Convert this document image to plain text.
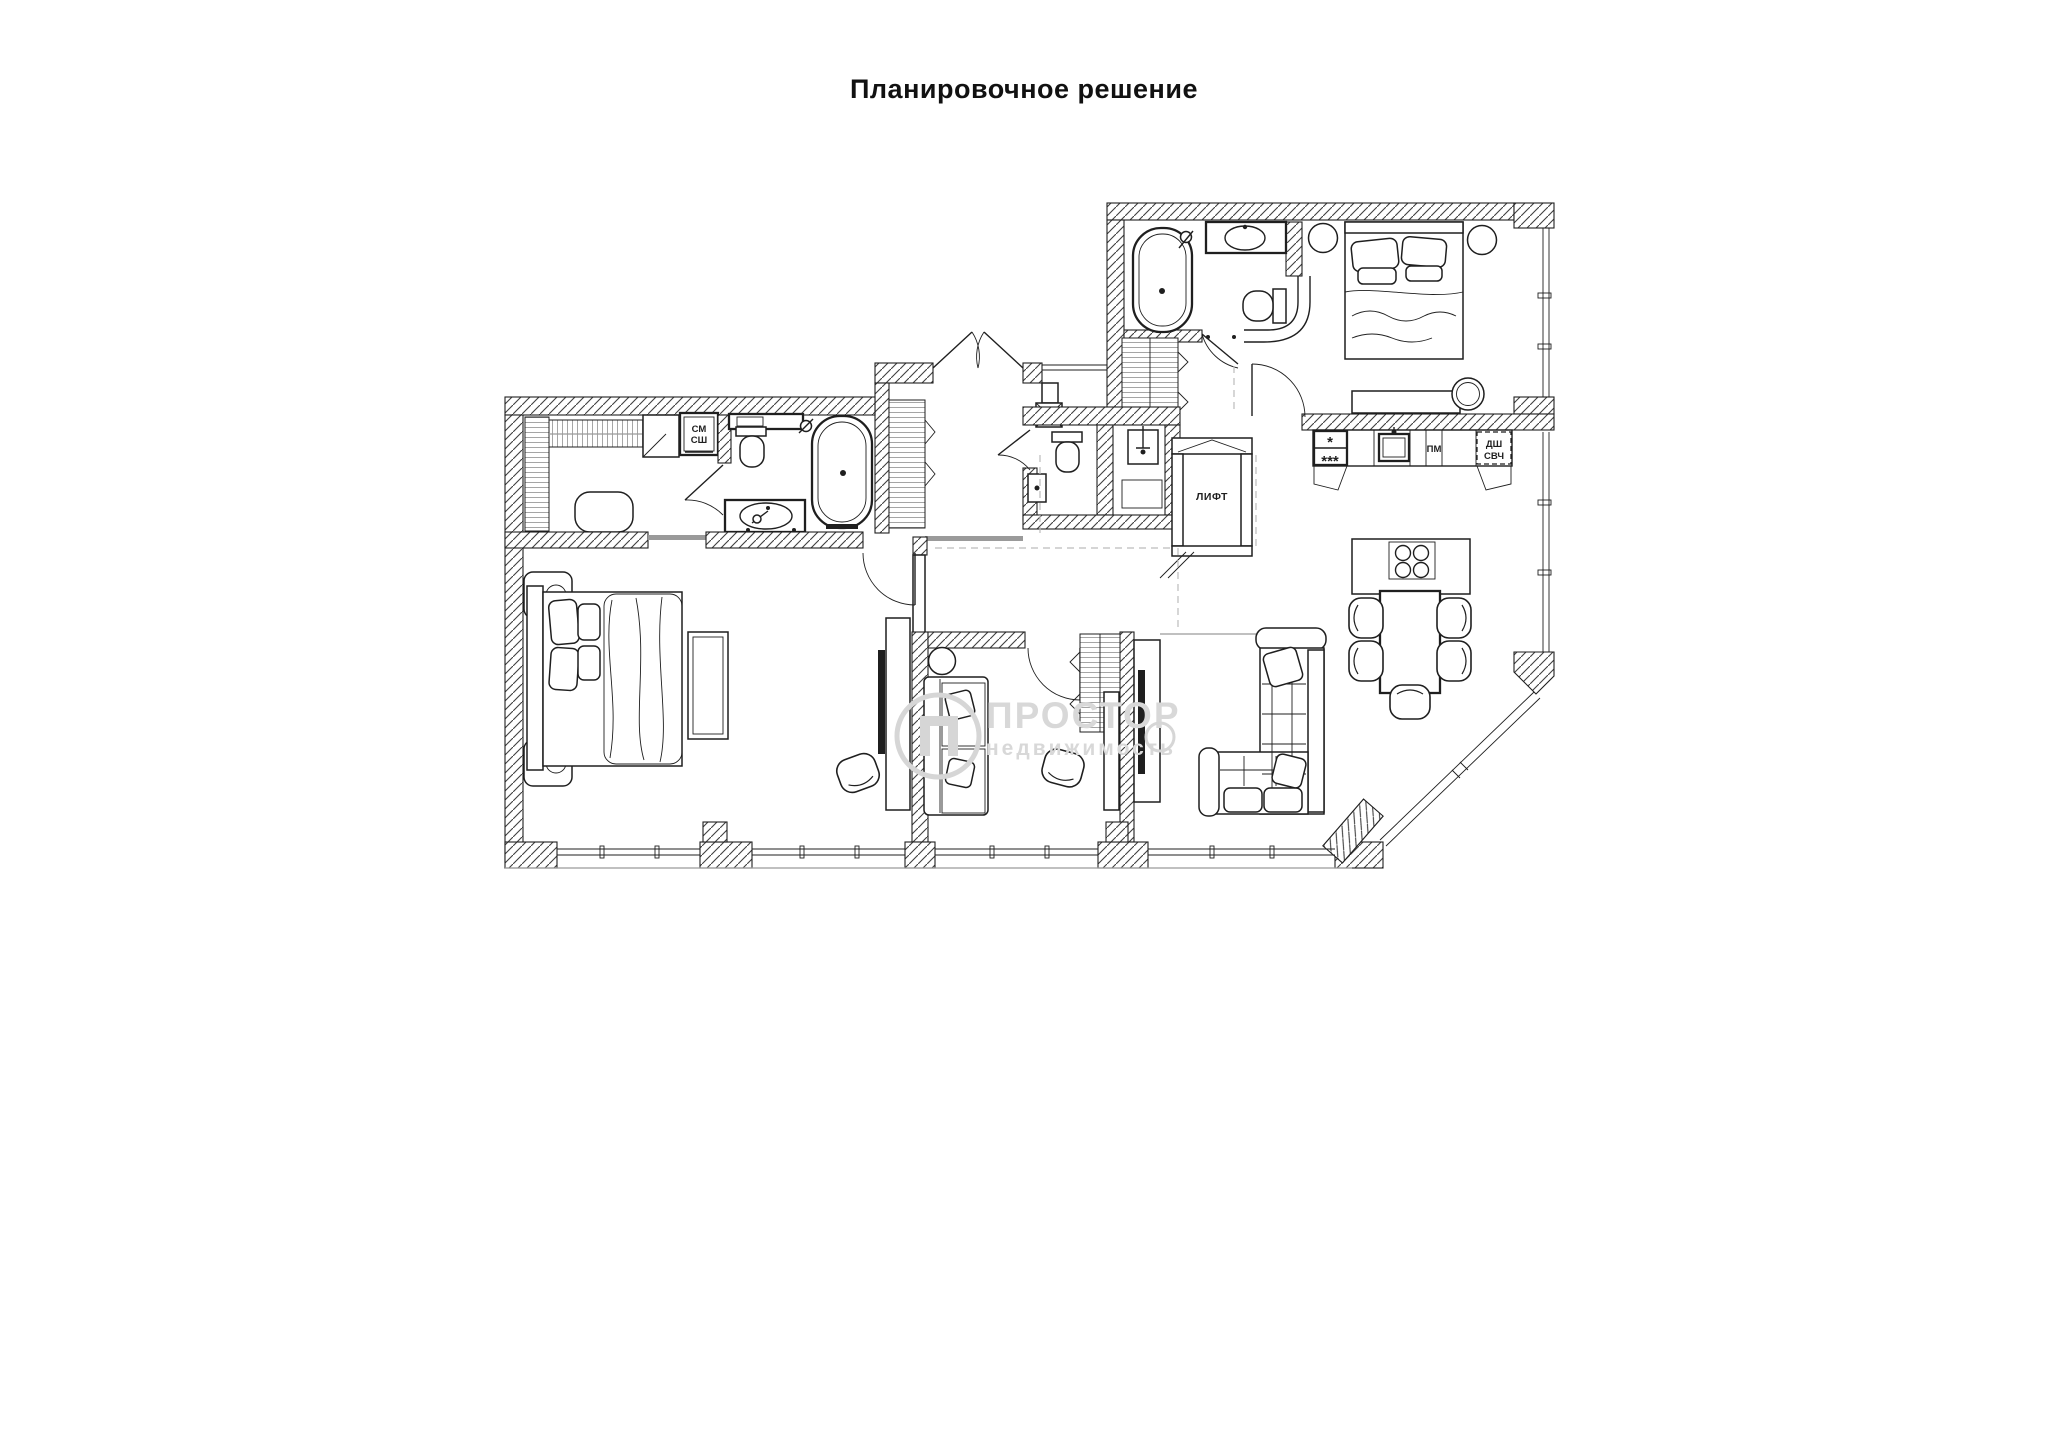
Планировочное решение
ЛИФТ
СМ
СШ	*
***
ПМ	ДШ
СВЧ
ПРОСТОР
недвижимость
